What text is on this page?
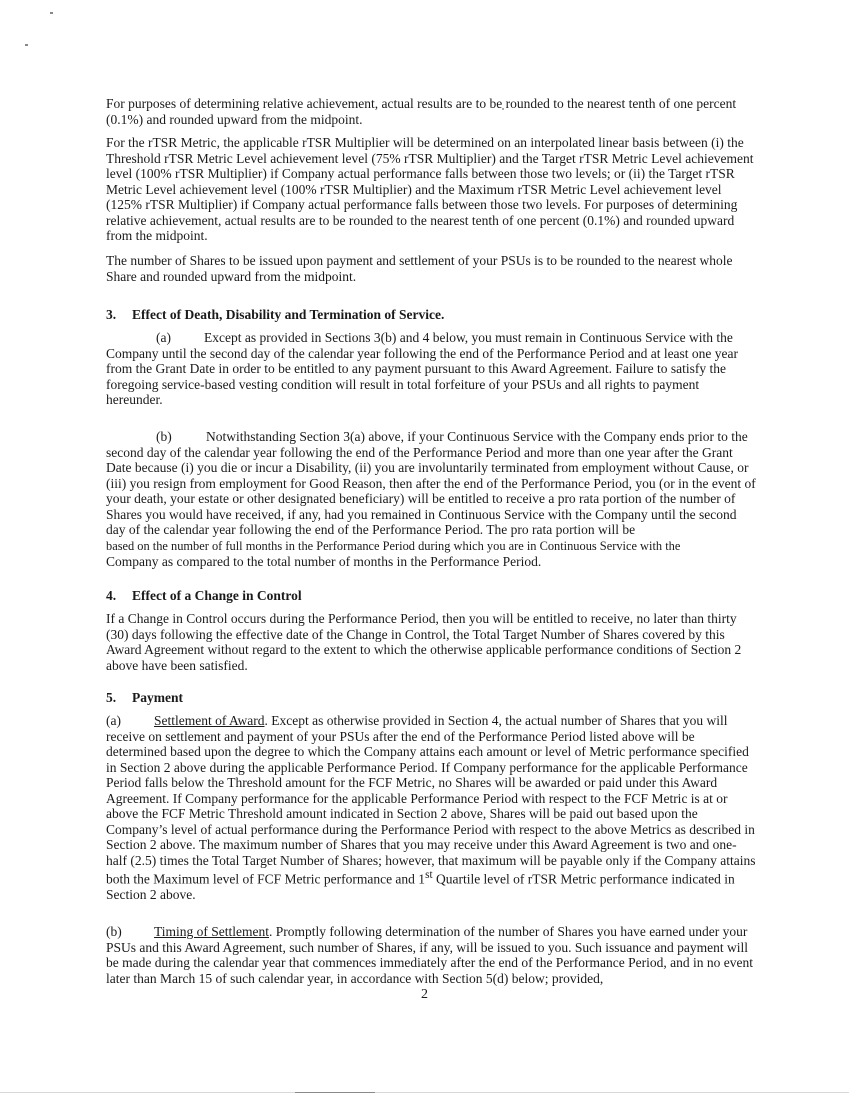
For purposes of determining relative achievement, actual results are to be rounded to the nearest tenth of one percent (0.1%) and rounded upward from the midpoint.

For the rTSR Metric, the applicable rTSR Multiplier will be determined on an interpolated linear basis between (i) the Threshold rTSR Metric Level achievement level (75% rTSR Multiplier) and the Target rTSR Metric Level achievement level (100% rTSR Multiplier) if Company actual performance falls between those two levels; or (ii) the Target rTSR Metric Level achievement level (100% rTSR Multiplier) and the Maximum rTSR Metric Level achievement level (125% rTSR Multiplier) if Company actual performance falls between those two levels. For purposes of determining relative achievement, actual results are to be rounded to the nearest tenth of one percent (0.1%) and rounded upward from the midpoint.

The number of Shares to be issued upon payment and settlement of your PSUs is to be rounded to the nearest whole Share and rounded upward from the midpoint.

3. Effect of Death, Disability and Termination of Service.

(a) Except as provided in Sections 3(b) and 4 below, you must remain in Continuous Service with the Company until the second day of the calendar year following the end of the Performance Period and at least one year from the Grant Date in order to be entitled to any payment pursuant to this Award Agreement. Failure to satisfy the foregoing service-based vesting condition will result in total forfeiture of your PSUs and all rights to payment hereunder.

(b)	Notwithstanding Section 3(a) above, if your Continuous Service with the Company ends prior to the second day of the calendar year following the end of the Performance Period and more than one year after the Grant Date because (i) you die or incur a Disability, (ii) you are involuntarily terminated from employment without Cause, or (iii) you resign from employment for Good Reason, then after the end of the Performance Period, you (or in the event of your death, your estate or other designated beneficiary) will be entitled to receive a pro rata portion of the number of Shares you would have received, if any, had you remained in Continuous Service with the Company until the second day of the calendar year following the end of the Performance Period. The pro rata portion will be
based on the number of full months in the Performance Period during which you are in Continuous Service with the
Company as compared to the total number of months in the Performance Period.

4. Effect of a Change in Control

If a Change in Control occurs during the Performance Period, then you will be entitled to receive, no later than thirty (30) days following the effective date of the Change in Control, the Total Target Number of Shares covered by this Award Agreement without regard to the extent to which the otherwise applicable performance conditions of Section 2 above have been satisfied.

5. Payment

(a) Settlement of Award. Except as otherwise provided in Section 4, the actual number of Shares that you will receive on settlement and payment of your PSUs after the end of the Performance Period listed above will be determined based upon the degree to which the Company attains each amount or level of Metric performance specified in Section 2 above during the applicable Performance Period. If Company performance for the applicable Performance Period falls below the Threshold amount for the FCF Metric, no Shares will be awarded or paid under this Award Agreement. If Company performance for the applicable Performance Period with respect to the FCF Metric is at or above the FCF Metric Threshold amount indicated in Section 2 above, Shares will be paid out based upon the Company’s level of actual performance during the Performance Period with respect to the above Metrics as described in Section 2 above. The maximum number of Shares that you may receive under this Award Agreement is two and one-half (2.5) times the Total Target Number of Shares; however, that maximum will be payable only if the Company attains both the Maximum level of FCF Metric performance and 1st Quartile level of rTSR Metric performance indicated in Section 2 above.

(b) Timing of Settlement. Promptly following determination of the number of Shares you have earned under your PSUs and this Award Agreement, such number of Shares, if any, will be issued to you. Such issuance and payment will be made during the calendar year that commences immediately after the end of the Performance Period, and in no event later than March 15 of such calendar year, in accordance with Section 5(d) below; provided,

2
